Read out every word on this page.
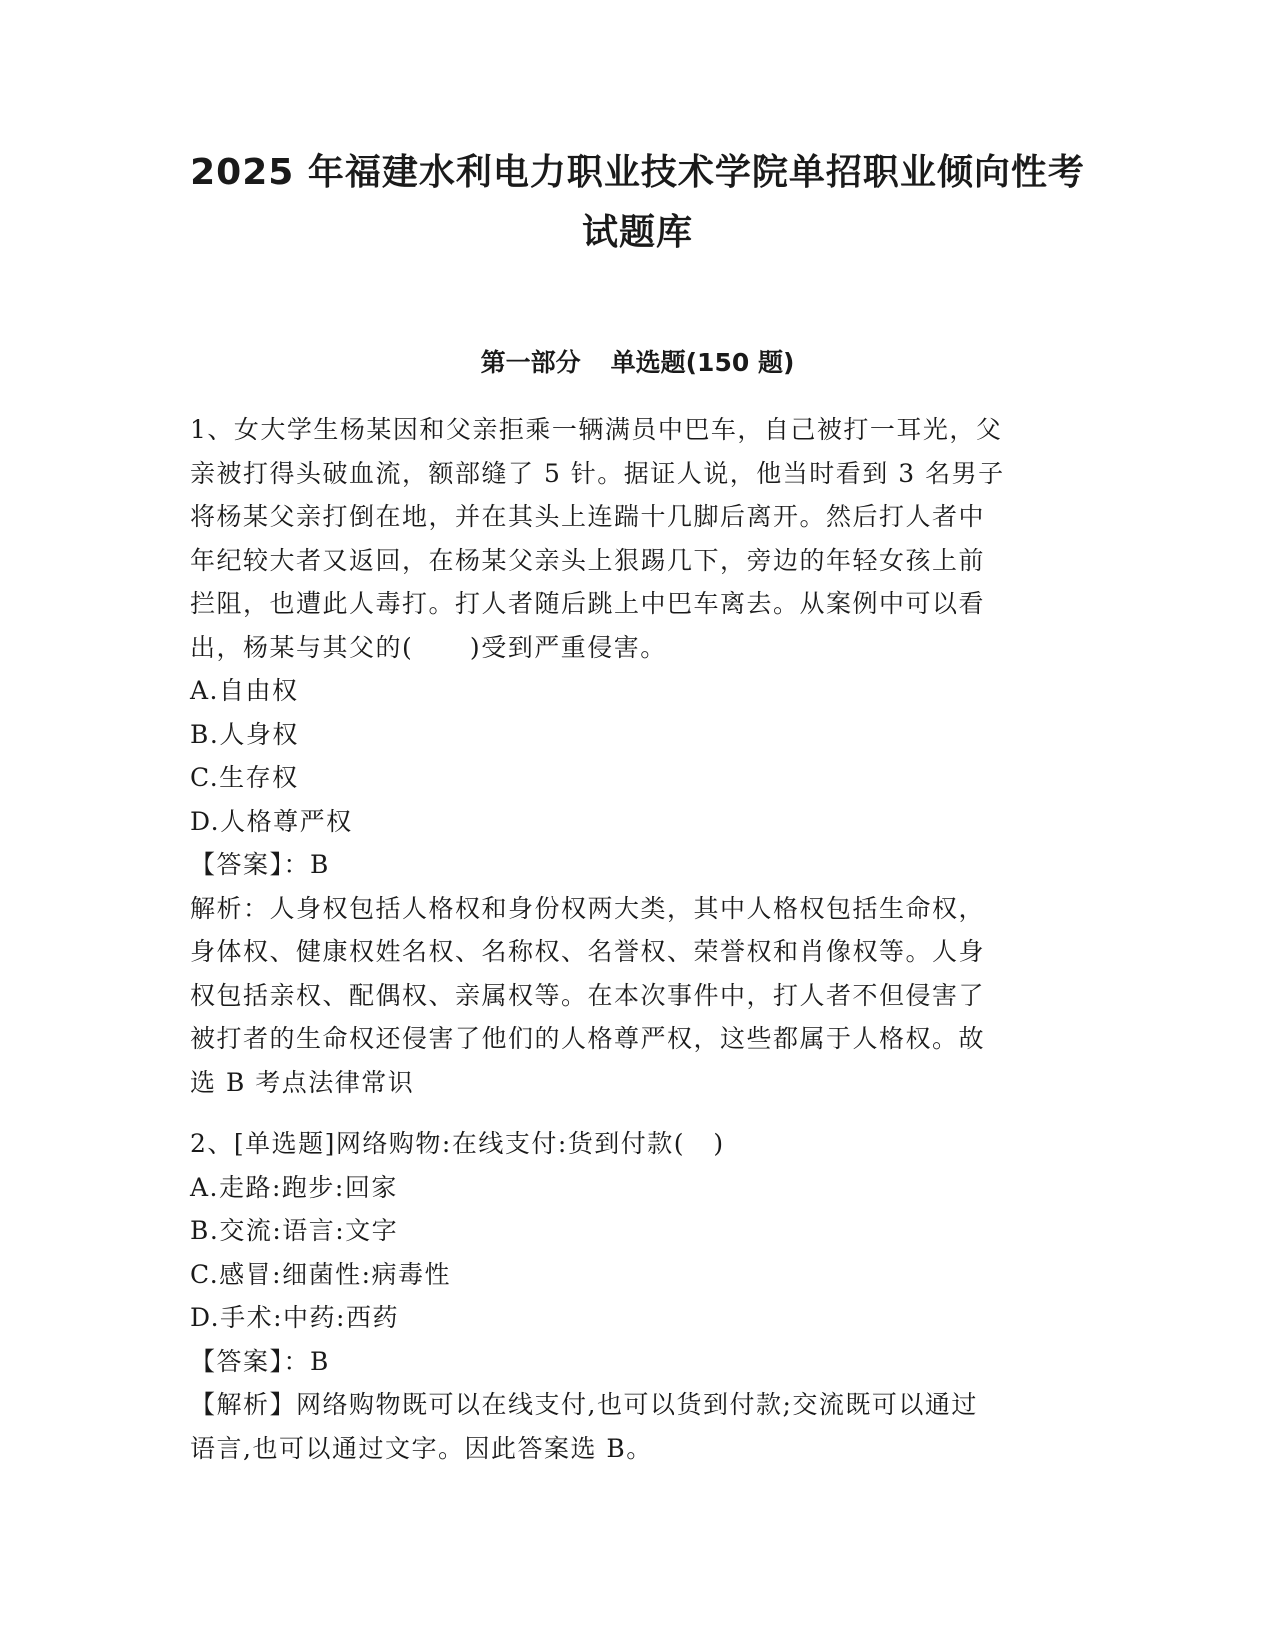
2025 年福建水利电力职业技术学院单招职业倾向性考
试题库
第一部分 单选题(150 题)
1、女大学生杨某因和父亲拒乘一辆满员中巴车，自己被打一耳光，父
亲被打得头破血流，额部缝了 5 针。据证人说，他当时看到 3 名男子
将杨某父亲打倒在地，并在其头上连踹十几脚后离开。然后打人者中
年纪较大者又返回，在杨某父亲头上狠踢几下，旁边的年轻女孩上前
拦阻，也遭此人毒打。打人者随后跳上中巴车离去。从案例中可以看
出，杨某与其父的(      )受到严重侵害。
A.自由权
B.人身权
C.生存权
D.人格尊严权
【答案】：B
解析：人身权包括人格权和身份权两大类，其中人格权包括生命权，
身体权、健康权姓名权、名称权、名誉权、荣誉权和肖像权等。人身
权包括亲权、配偶权、亲属权等。在本次事件中，打人者不但侵害了
被打者的生命权还侵害了他们的人格尊严权，这些都属于人格权。故
选 B 考点法律常识
2、[单选题]网络购物:在线支付:货到付款(   )
A.走路:跑步:回家
B.交流:语言:文字
C.感冒:细菌性:病毒性
D.手术:中药:西药
【答案】：B
【解析】网络购物既可以在线支付,也可以货到付款;交流既可以通过
语言,也可以通过文字。因此答案选 B。
